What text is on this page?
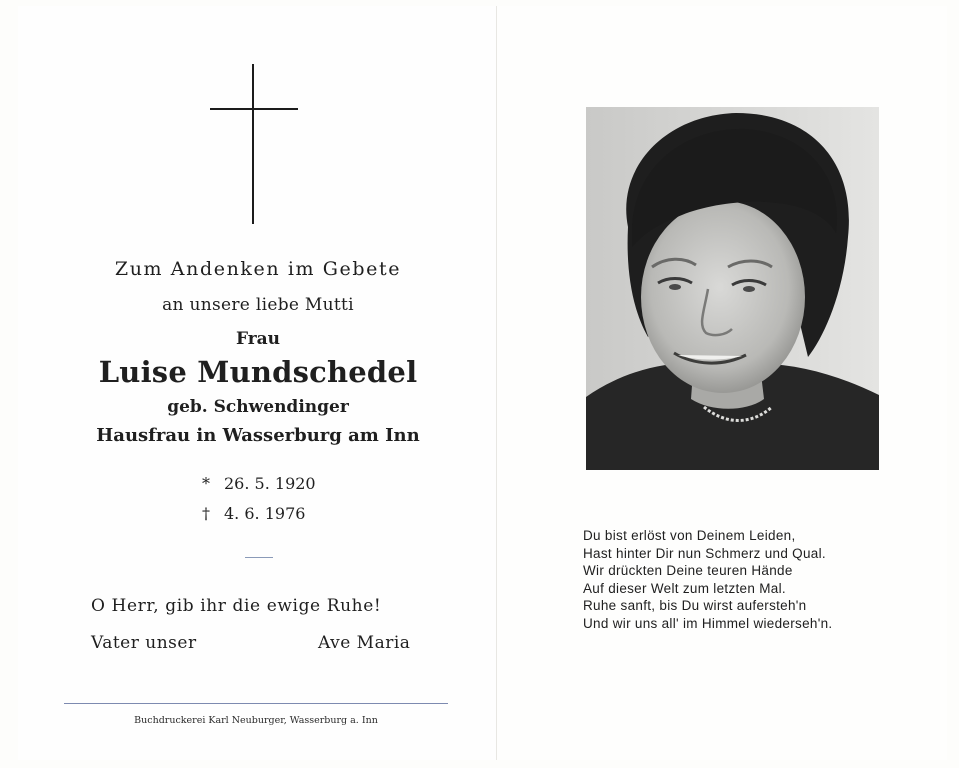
Zum Andenken im Gebete
an unsere liebe Mutti
Frau
Luise Mundschedel
geb. Schwendinger
Hausfrau in Wasserburg am Inn
* 26. 5. 1920
† 4. 6. 1976
O Herr, gib ihr die ewige Ruhe!
Vater unser	Ave Maria
Buchdruckerei Karl Neuburger, Wasserburg a. Inn
Du bist erlöst von Deinem Leiden,
Hast hinter Dir nun Schmerz und Qual.
Wir drückten Deine teuren Hände
Auf dieser Welt zum letzten Mal.
Ruhe sanft, bis Du wirst aufersteh'n
Und wir uns all' im Himmel wiederseh'n.
